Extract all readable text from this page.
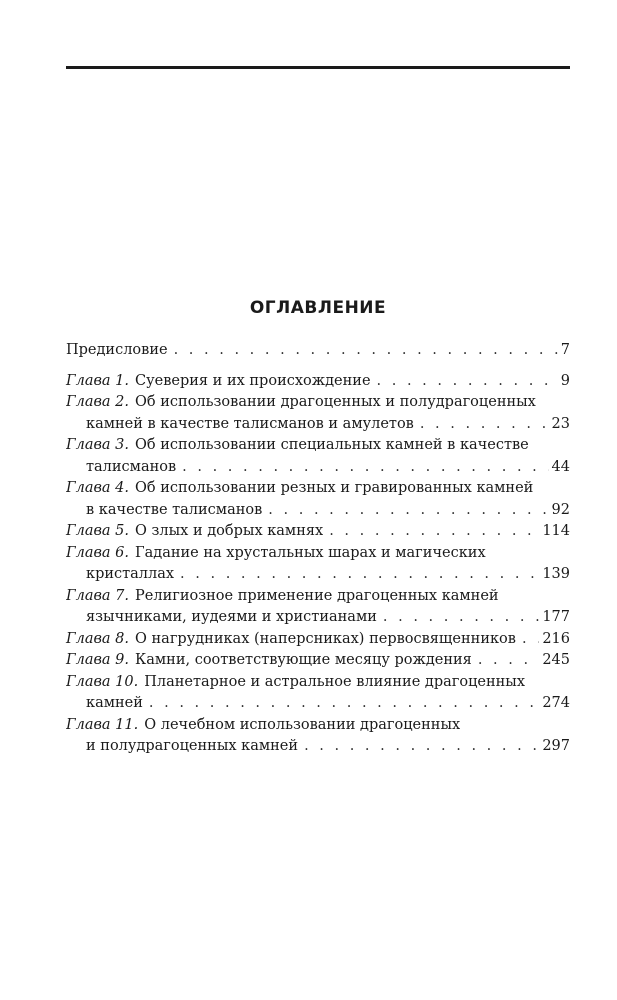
ОГЛАВЛЕНИЕ
Предисловие . . .	7
Глава 1. Суеверия и их происхождение . . .	9
Глава 2. Об использовании драгоценных и полудрагоценных
камней в качестве талисманов и амулетов . . .	23
Глава 3. Об использовании специальных камней в качестве
талисманов . . .	44
Глава 4. Об использовании резных и гравированных камней
в качестве талисманов . . .	92
Глава 5. О злых и добрых камнях . . .	114
Глава 6. Гадание на хрустальных шарах и магических
кристаллах . . .	139
Глава 7. Религиозное применение драгоценных камней
язычниками, иудеями и христианами . . .	177
Глава 8. О нагрудниках (наперсниках) первосвященников . . . 216
Глава 9. Камни, соответствующие месяцу рождения . . .	245
Глава 10. Планетарное и астральное влияние драгоценных
камней . . .	274
Глава 11. О лечебном использовании драгоценных
и полудрагоценных камней . . .	297
